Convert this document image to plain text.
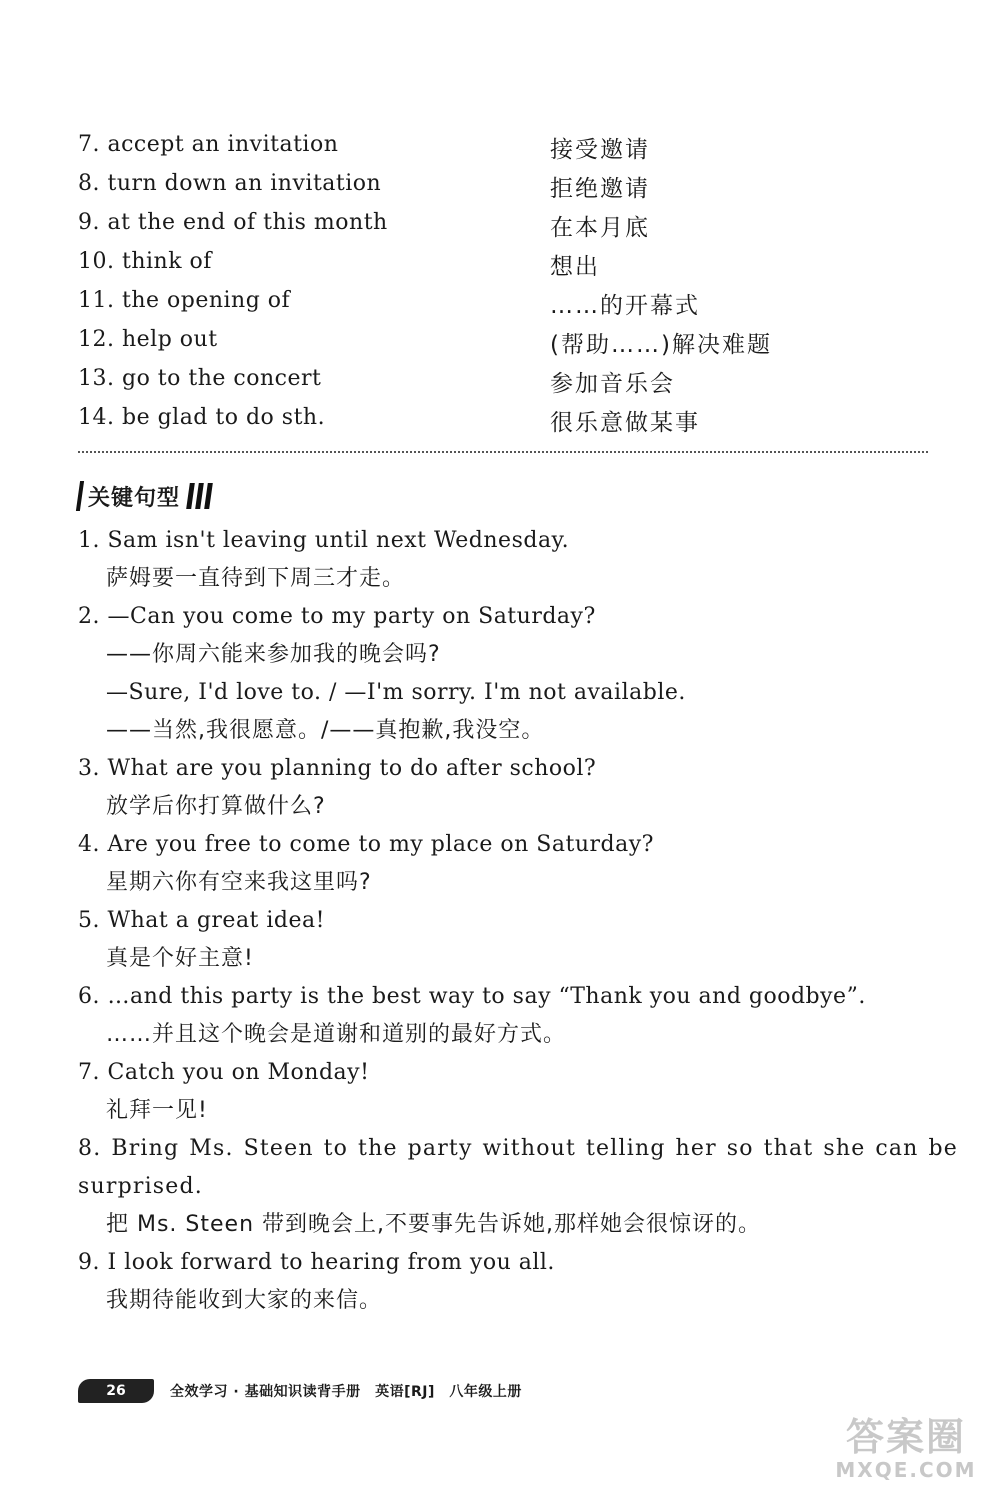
7. accept an invitation	接受邀请
8. turn down an invitation	拒绝邀请
9. at the end of this month	在本月底
10. think of	想出
11. the opening of	……的开幕式
12. help out	(帮助……)解决难题
13. go to the concert	参加音乐会
14. be glad to do sth.	很乐意做某事
关键句型
1. Sam isn't leaving until next Wednesday.
萨姆要一直待到下周三才走。
2. —Can you come to my party on Saturday?
——你周六能来参加我的晚会吗?
—Sure, I'd love to. / —I'm sorry. I'm not available.
——当然,我很愿意。/——真抱歉,我没空。
3. What are you planning to do after school?
放学后你打算做什么?
4. Are you free to come to my place on Saturday?
星期六你有空来我这里吗?
5. What a great idea!
真是个好主意!
6. …and this party is the best way to say “Thank you and goodbye”.
……并且这个晚会是道谢和道别的最好方式。
7. Catch you on Monday!
礼拜一见!
8. Bring Ms. Steen to the party without telling her so that she can be surprised.
把 Ms. Steen 带到晚会上,不要事先告诉她,那样她会很惊讶的。
9. I look forward to hearing from you all.
我期待能收到大家的来信。
26	全效学习 · 基础知识读背手册　英语[RJ]　八年级上册
答案圈
MXQE.COM
